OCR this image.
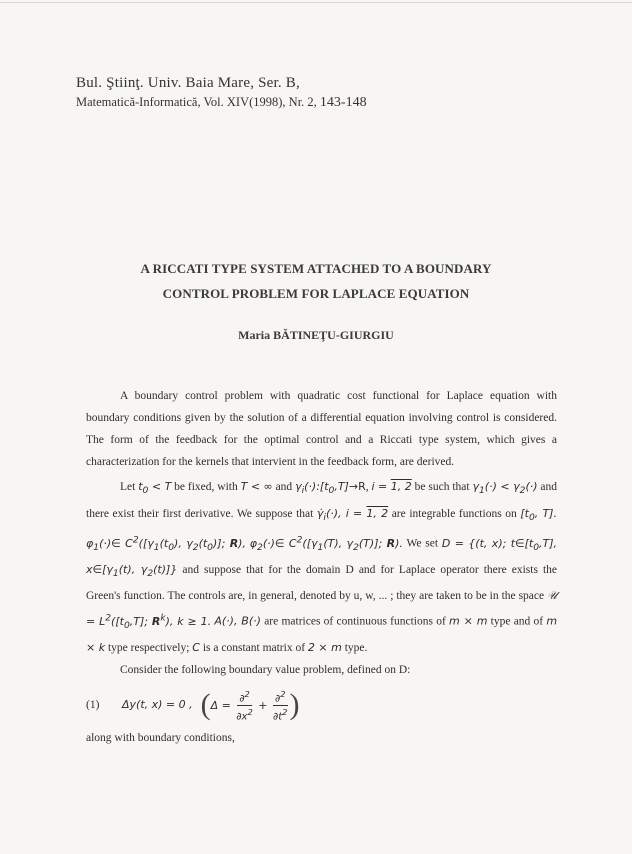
Bul. Ştiinţ. Univ. Baia Mare, Ser. B,
Matematică-Informatică, Vol. XIV(1998), Nr. 2, 143-148
A RICCATI TYPE SYSTEM ATTACHED TO A BOUNDARY
CONTROL PROBLEM FOR LAPLACE EQUATION
Maria BĂTINEŢU-GIURGIU

A boundary control problem with quadratic cost functional for Laplace equation with boundary conditions given by the solution of a differential equation involving control is considered. The form of the feedback for the optimal control and a Riccati type system, which gives a characterization for the kernels that intervient in the feedback form, are derived.

Let $t_0 < T$ be fixed, with T < ∞ and $\gamma_i(\cdot):[t_0,T]\to R$, i = 1, 2 be such that $\gamma_1(\cdot) < \gamma_2(\cdot)$ and there exist their first derivative. We suppose that $\gammȧ_i(\cdot)$, i = 1, 2 are integrable functions on [$t_0$, T]. $\varphi_1(\cdot)\in$ $C^2([\gamma_1(t_0)$, $\gamma_2(t_0)$]; R), $\varphi_2(\cdot)\in$ $C^2([\gamma_1(T)$, $\gamma_2(T)$]; R). We set D = {(t, x); $t\in[t_0,T]$, $x\in[\gamma_1(t)$, $\gamma_2(t)$]} and suppose that for the domain D and for Laplace operator there exists the Green's function. The controls are, in general, denoted by u, w, ... ; they are taken to be in the space 𝒰 = $L^2([t_0,T]$; $R^k$), k ≥ 1. A(·), B(·) are matrices of continuous functions of m × m type and of m × k type respectively; C is a constant matrix of 2 × m type.

Consider the following boundary value problem, defined on D:

(1)	Δy(t, x) = 0 , ( $\Delta = \frac{\partial^2}{\partial x^2} + \frac{\partial^2}{\partial t^2}$ )

along with boundary conditions,
